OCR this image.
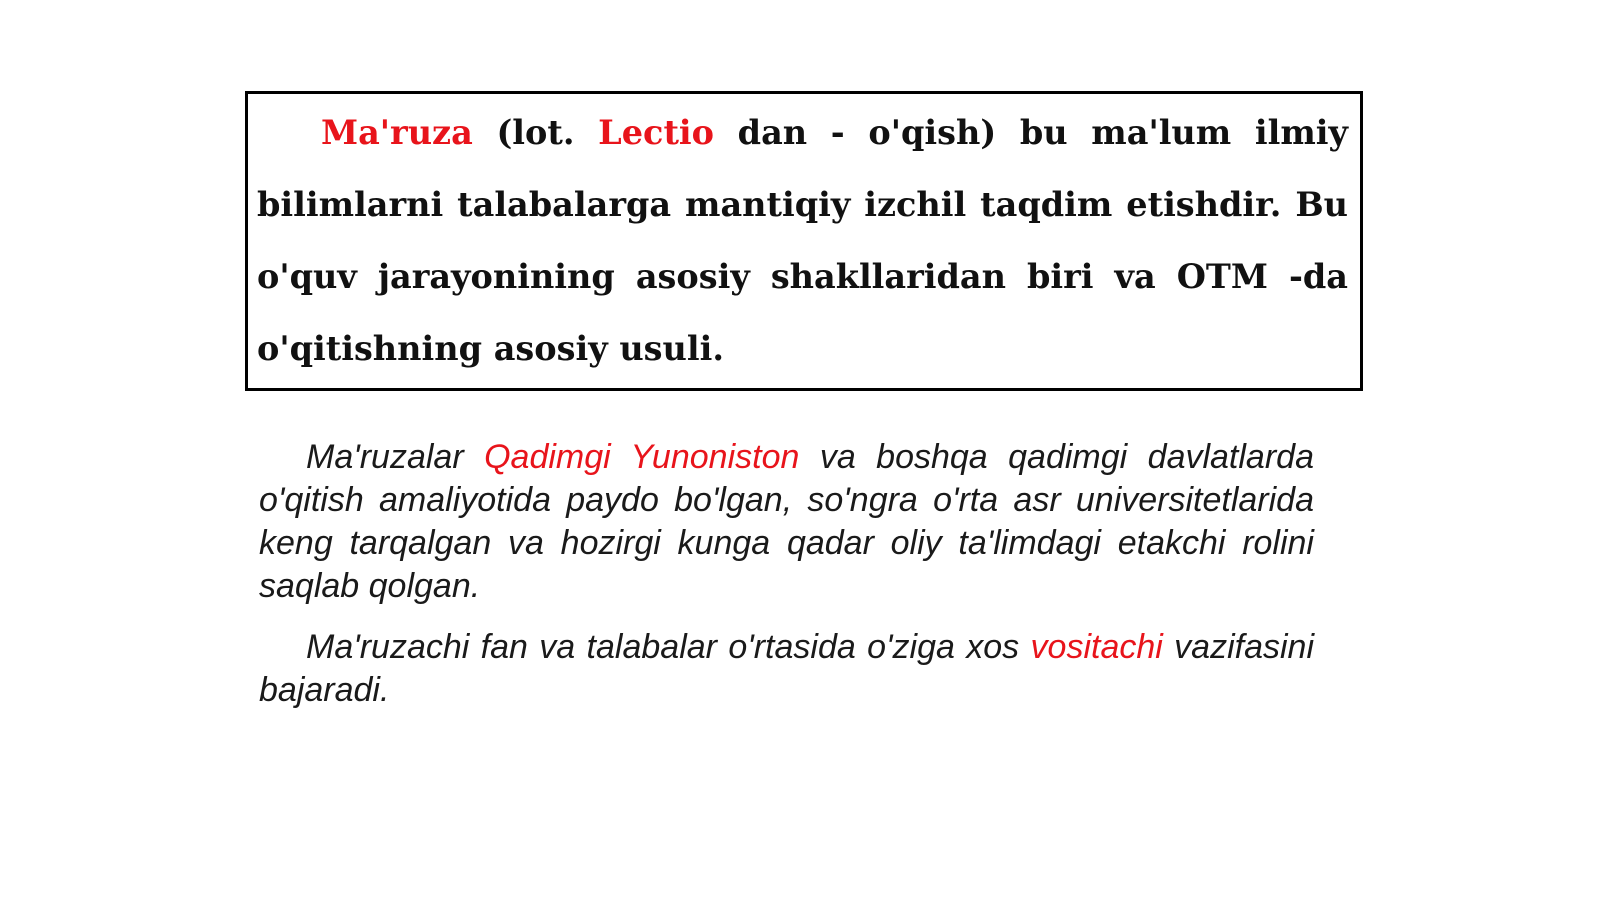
Ma'ruza (lot. Lectio dan - o'qish) bu ma'lum ilmiy bilimlarni talabalarga mantiqiy izchil taqdim etishdir. Bu o'quv jarayonining asosiy shakllaridan biri va OTM -da o'qitishning asosiy usuli.

Ma'ruzalar Qadimgi Yunoniston va boshqa qadimgi davlatlarda o'qitish amaliyotida paydo bo'lgan, so'ngra o'rta asr universitetlarida keng tarqalgan va hozirgi kunga qadar oliy ta'limdagi etakchi rolini saqlab qolgan.

Ma'ruzachi fan va talabalar o'rtasida o'ziga xos vositachi vazifasini bajaradi.
